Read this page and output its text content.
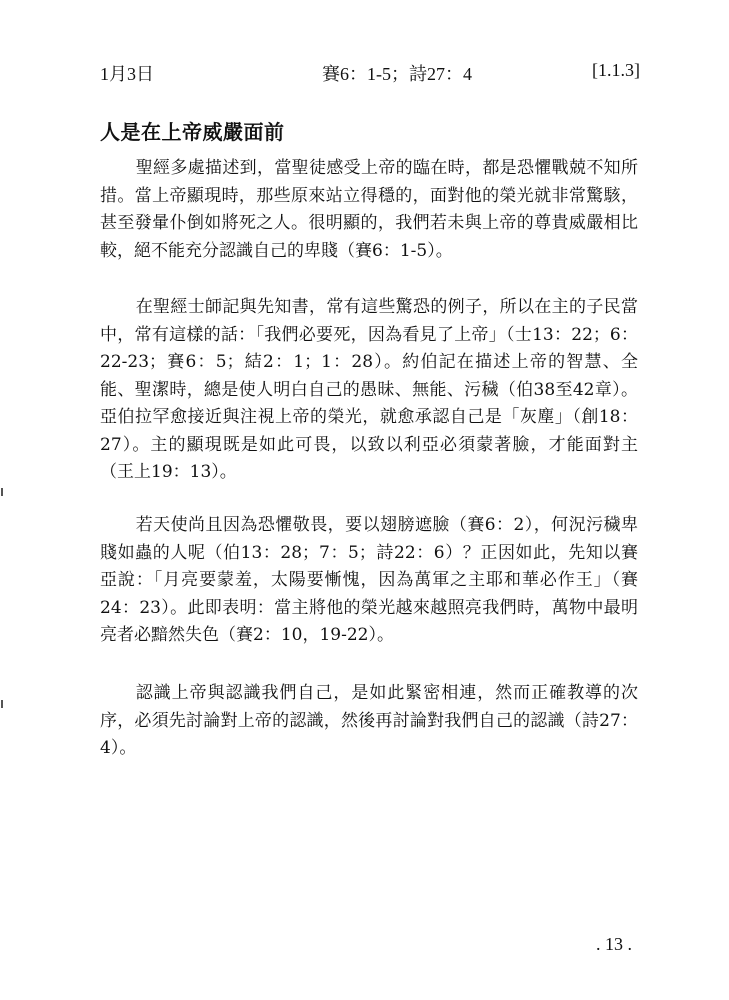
1月3日	賽6：1-5；詩27：4	[1.1.3]
人是在上帝威嚴面前

聖經多處描述到，當聖徒感受上帝的臨在時，都是恐懼戰兢不知所措。當上帝顯現時，那些原來站立得穩的，面對他的榮光就非常驚駭，甚至發暈仆倒如將死之人。很明顯的，我們若未與上帝的尊貴威嚴相比較，絕不能充分認識自己的卑賤（賽6：1-5）。

在聖經士師記與先知書，常有這些驚恐的例子，所以在主的子民當中，常有這樣的話：「我們必要死，因為看見了上帝」（士13：22；6：22-23；賽6：5；結2：1；1：28）。約伯記在描述上帝的智慧、全能、聖潔時，總是使人明白自己的愚昧、無能、污穢（伯38至42章）。亞伯拉罕愈接近與注視上帝的榮光，就愈承認自己是「灰塵」（創18：27）。主的顯現既是如此可畏，以致以利亞必須蒙著臉，才能面對主（王上19：13）。

若天使尚且因為恐懼敬畏，要以翅膀遮臉（賽6：2），何況污穢卑賤如蟲的人呢（伯13：28；7：5；詩22：6）？正因如此，先知以賽亞說：「月亮要蒙羞，太陽要慚愧，因為萬軍之主耶和華必作王」（賽24：23）。此即表明：當主將他的榮光越來越照亮我們時，萬物中最明亮者必黯然失色（賽2：10，19-22）。

認識上帝與認識我們自己，是如此緊密相連，然而正確教導的次序，必須先討論對上帝的認識，然後再討論對我們自己的認識（詩27：4）。

. 13 .
